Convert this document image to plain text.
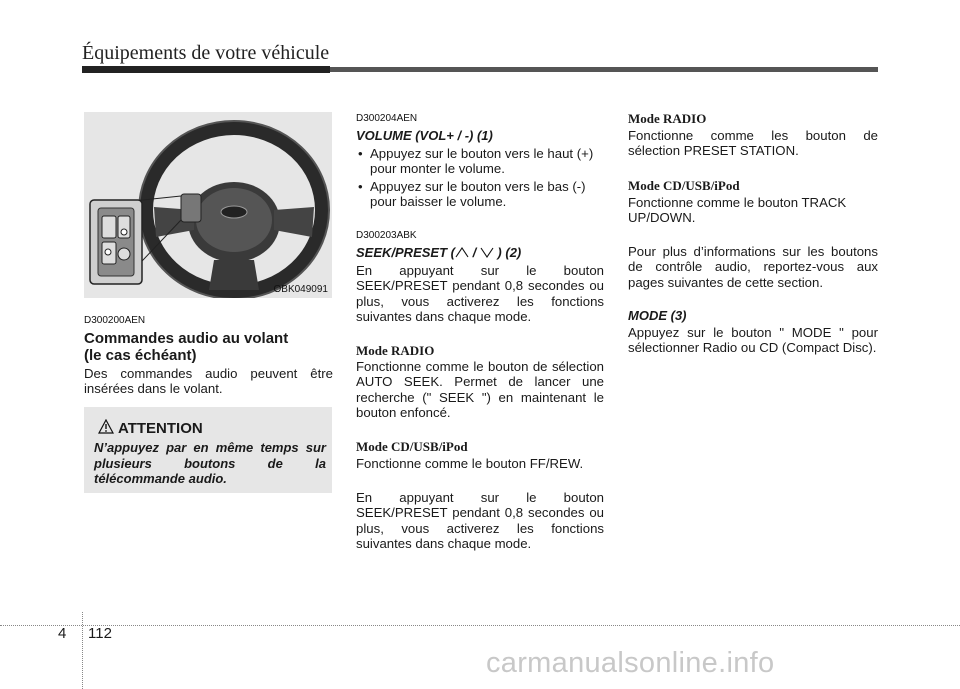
Équipements de votre véhicule
OBK049091
D300200AEN
Commandes audio au volant
(le cas échéant)
Des commandes audio peuvent être insérées dans le volant.
ATTENTION
N’appuyez par en même temps sur plusieurs boutons de la télécommande audio.
D300204AEN
VOLUME (VOL+ / -) (1)
• Appuyez sur le bouton vers le haut (+) pour monter le volume.
• Appuyez sur le bouton vers le bas (-) pour baisser le volume.
D300203ABK
SEEK/PRESET ( /  ) (2)
En appuyant sur le bouton SEEK/PRESET pendant 0,8 secondes ou plus, vous activerez les fonctions suivantes dans chaque mode.
Mode RADIO
Fonctionne comme le bouton de sélection AUTO SEEK. Permet de lancer une recherche (" SEEK ") en maintenant le bouton enfoncé.
Mode CD/USB/iPod
Fonctionne comme le bouton FF/REW.
En appuyant sur le bouton SEEK/PRESET pendant 0,8 secondes ou plus, vous activerez les fonctions suivantes dans chaque mode.
Mode RADIO
Fonctionne comme les bouton de sélection PRESET STATION.
Mode CD/USB/iPod
Fonctionne comme le bouton TRACK UP/DOWN.
Pour plus d’informations sur les boutons de contrôle audio, reportez-vous aux pages suivantes de cette section.
MODE (3)
Appuyez sur le bouton " MODE " pour sélectionner Radio ou CD (Compact Disc).
4 112
carmanualsonline.info
